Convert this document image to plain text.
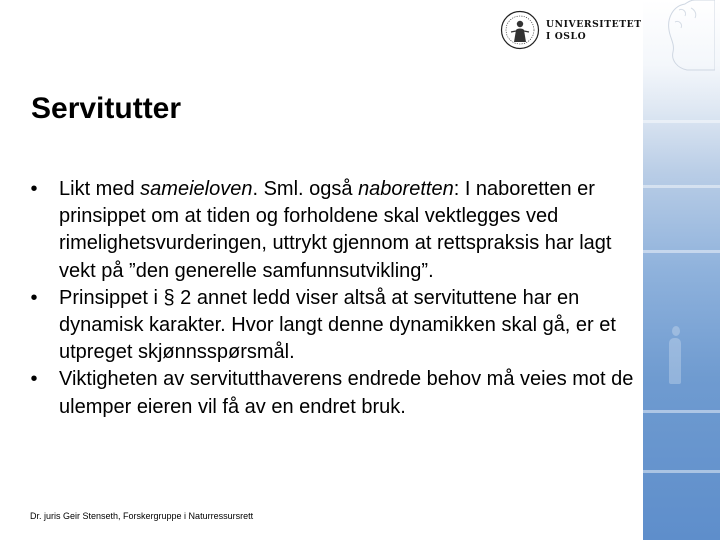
UNIVERSITETET
I OSLO
Servitutter
• Likt med sameieloven. Sml. også naboretten: I naboretten er prinsippet om at tiden og forholdene skal vektlegges ved rimelighetsvurderingen, uttrykt gjennom at rettspraksis har lagt vekt på ”den generelle samfunnsutvikling”.
• Prinsippet i § 2 annet ledd viser altså at servituttene har en dynamisk karakter. Hvor langt denne dynamikken skal gå, er et utpreget skjønnsspørsmål.
• Viktigheten av servitutthaverens endrede behov må veies mot de ulemper eieren vil få av en endret bruk.
Dr. juris Geir Stenseth, Forskergruppe i Naturressursrett
